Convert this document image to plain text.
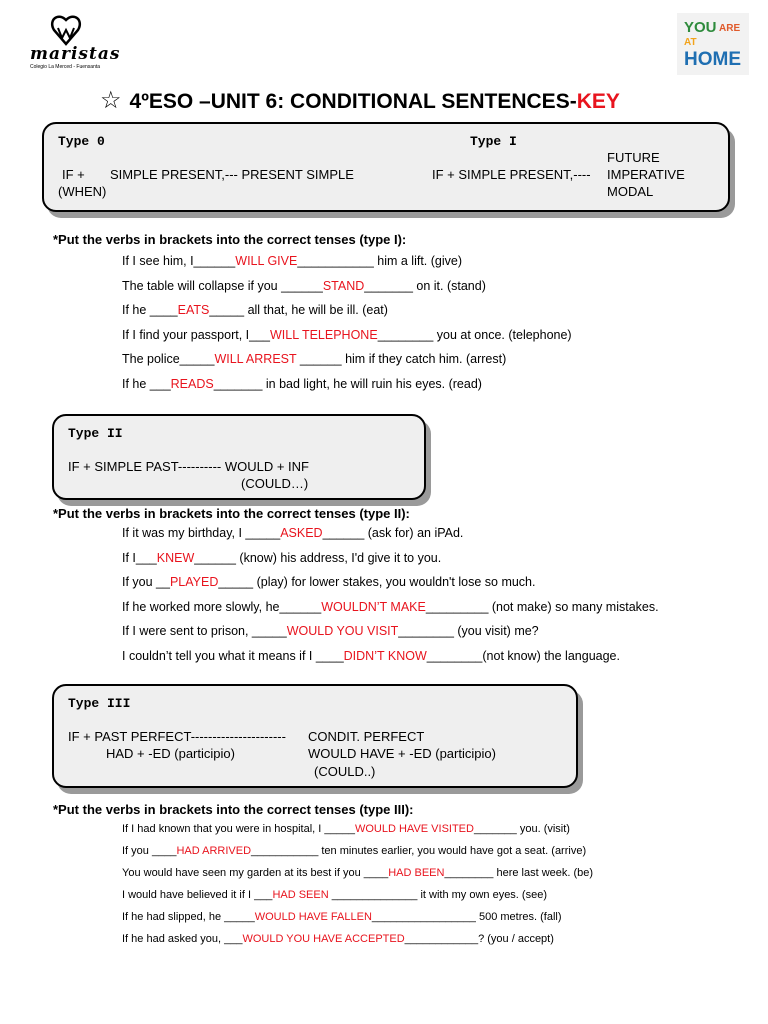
maristas
Colegio La Merced - Fuensanta
YOU ARE
AT
HOME
☆ 4ºESO –UNIT 6: CONDITIONAL SENTENCES-KEY
Type 0
IF +
(WHEN)
SIMPLE PRESENT,--- PRESENT SIMPLE
Type I
IF + SIMPLE PRESENT,----
FUTURE
IMPERATIVE
MODAL
*Put the verbs in brackets into the correct tenses (type I):
If I see him, I______WILL GIVE___________ him a lift. (give)
The table will collapse if you ______STAND_______ on it. (stand)
If he ____EATS_____ all that, he will be ill. (eat)
If I find your passport, I___WILL TELEPHONE________ you at once. (telephone)
The police_____WILL ARREST ______ him if they catch him. (arrest)
If he ___READS_______ in bad light, he will ruin his eyes. (read)
Type II
IF + SIMPLE PAST---------- WOULD + INF
(COULD…)
*Put the verbs in brackets into the correct tenses (type II):
If it was my birthday, I _____ASKED______ (ask for) an iPAd.
If I___KNEW______ (know) his address, I'd give it to you.
If you __PLAYED_____ (play) for lower stakes, you wouldn't lose so much.
If he worked more slowly, he______WOULDN’T MAKE_________ (not make) so many mistakes.
If I were sent to prison, _____WOULD YOU VISIT________ (you visit) me?
I couldn’t tell you what it means if I ____DIDN’T KNOW________(not know) the language.
Type III
IF + PAST PERFECT---------------------- CONDIT. PERFECT
HAD + -ED (participio)	WOULD HAVE + -ED (participio)
(COULD..)
*Put the verbs in brackets into the correct tenses (type III):
If I had known that you were in hospital, I _____WOULD HAVE VISITED_______ you. (visit)
If you ____HAD ARRIVED___________ ten minutes earlier, you would have got a seat. (arrive)
You would have seen my garden at its best if you ____HAD BEEN________ here last week. (be)
I would have believed it if I ___HAD SEEN ______________ it with my own eyes. (see)
If he had slipped, he _____WOULD HAVE FALLEN_________________ 500 metres. (fall)
If he had asked you, ___WOULD YOU HAVE ACCEPTED____________? (you / accept)
